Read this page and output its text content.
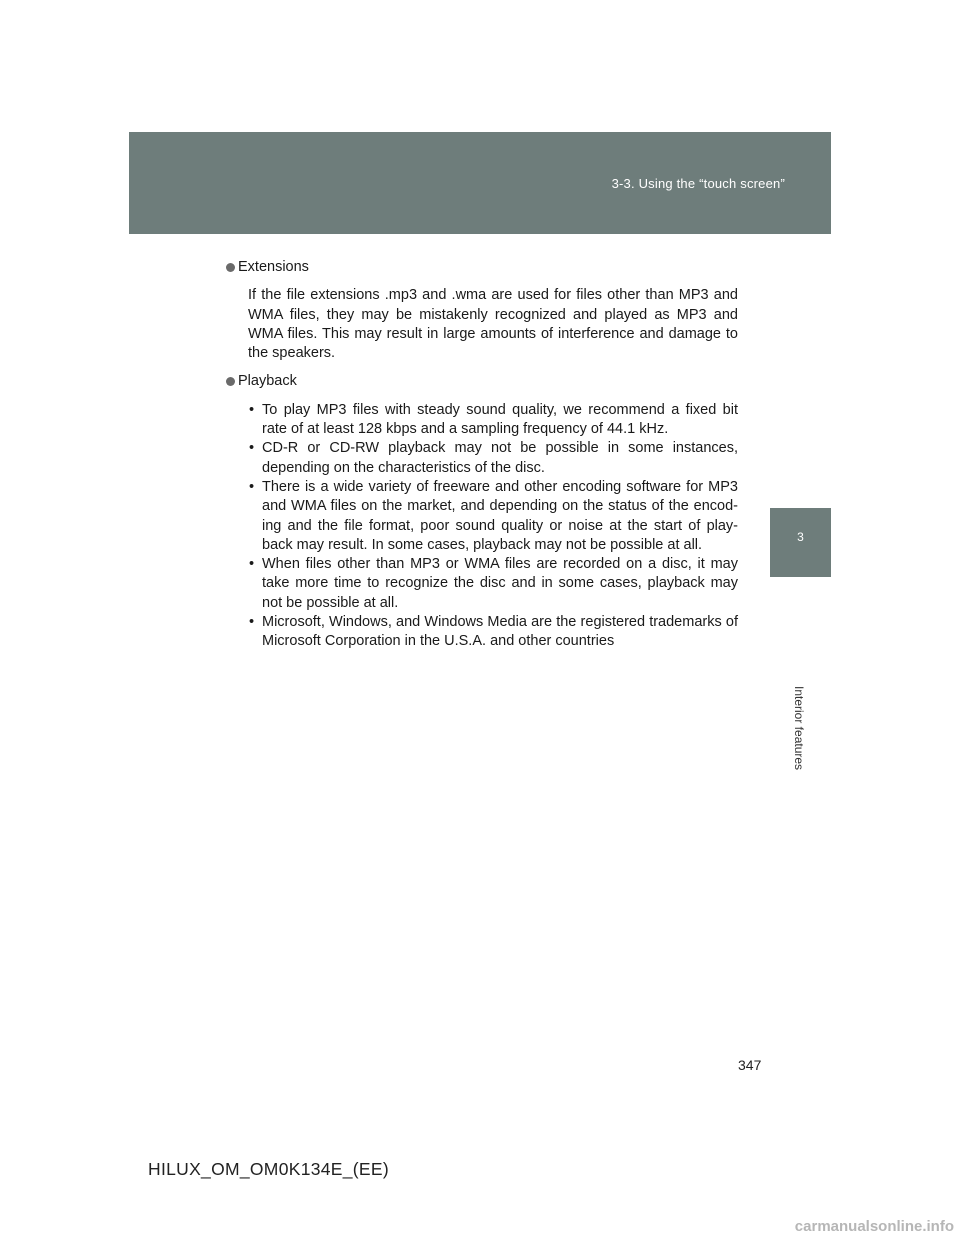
3-3. Using the “touch screen”
3
Interior features
Extensions

If the file extensions .mp3 and .wma are used for files other than MP3 and WMA files, they may be mistakenly recognized and played as MP3 and WMA files. This may result in large amounts of interference and damage to the speakers.

Playback
• To play MP3 files with steady sound quality, we recommend a fixed bit rate of at least 128 kbps and a sampling frequency of 44.1 kHz.
• CD-R or CD-RW playback may not be possible in some instances, depending on the characteristics of the disc.
• There is a wide variety of freeware and other encoding software for MP3 and WMA files on the market, and depending on the status of the encod-ing and the file format, poor sound quality or noise at the start of play-back may result. In some cases, playback may not be possible at all.
• When files other than MP3 or WMA files are recorded on a disc, it may take more time to recognize the disc and in some cases, playback may not be possible at all.
• Microsoft, Windows, and Windows Media are the registered trademarks of Microsoft Corporation in the U.S.A. and other countries
347
HILUX_OM_OM0K134E_(EE)
carmanualsonline.info
